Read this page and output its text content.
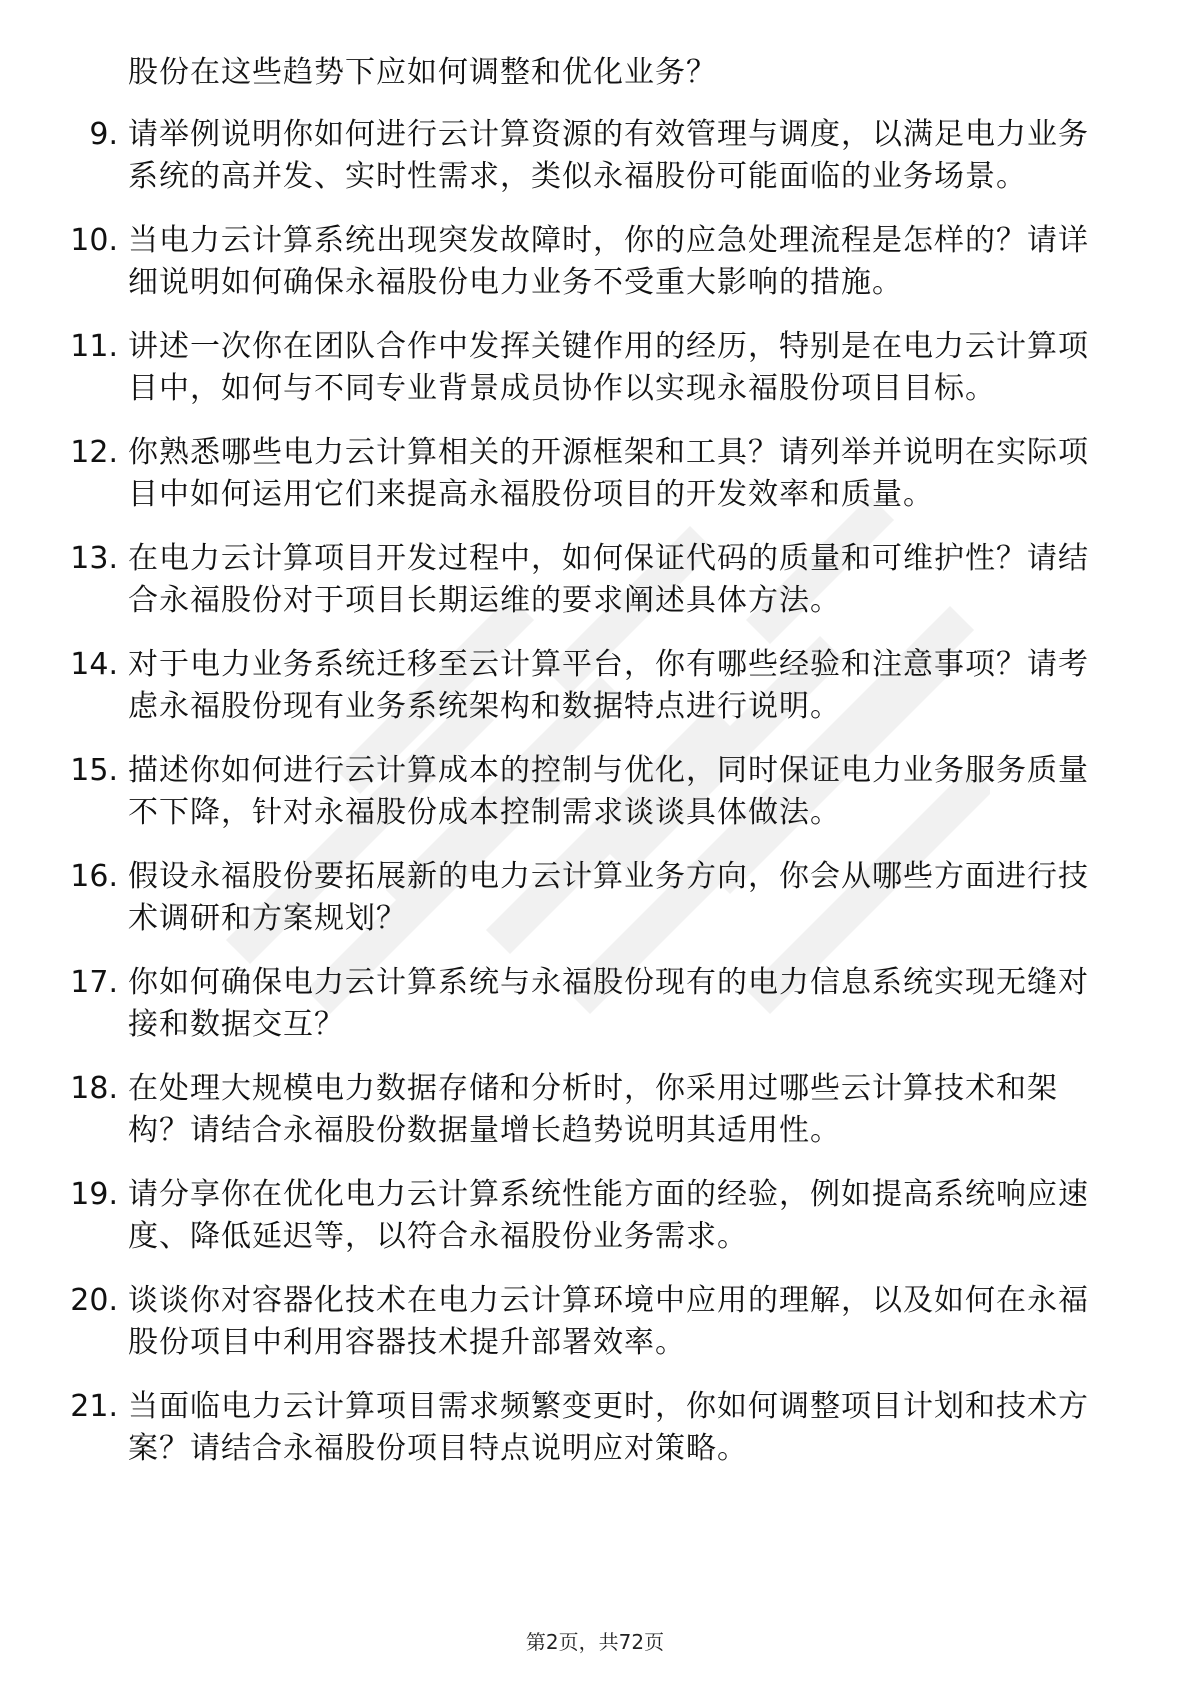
股份在这些趋势下应如何调整和优化业务？

9. 请举例说明你如何进行云计算资源的有效管理与调度，以满足电力业务系统的高并发、实时性需求，类似永福股份可能面临的业务场景。
10. 当电力云计算系统出现突发故障时，你的应急处理流程是怎样的？请详细说明如何确保永福股份电力业务不受重大影响的措施。
11. 讲述一次你在团队合作中发挥关键作用的经历，特别是在电力云计算项目中，如何与不同专业背景成员协作以实现永福股份项目目标。
12. 你熟悉哪些电力云计算相关的开源框架和工具？请列举并说明在实际项目中如何运用它们来提高永福股份项目的开发效率和质量。
13. 在电力云计算项目开发过程中，如何保证代码的质量和可维护性？请结合永福股份对于项目长期运维的要求阐述具体方法。
14. 对于电力业务系统迁移至云计算平台，你有哪些经验和注意事项？请考虑永福股份现有业务系统架构和数据特点进行说明。
15. 描述你如何进行云计算成本的控制与优化，同时保证电力业务服务质量不下降，针对永福股份成本控制需求谈谈具体做法。
16. 假设永福股份要拓展新的电力云计算业务方向，你会从哪些方面进行技术调研和方案规划？
17. 你如何确保电力云计算系统与永福股份现有的电力信息系统实现无缝对接和数据交互？
18. 在处理大规模电力数据存储和分析时，你采用过哪些云计算技术和架构？请结合永福股份数据量增长趋势说明其适用性。
19. 请分享你在优化电力云计算系统性能方面的经验，例如提高系统响应速度、降低延迟等，以符合永福股份业务需求。
20. 谈谈你对容器化技术在电力云计算环境中应用的理解，以及如何在永福股份项目中利用容器技术提升部署效率。
21. 当面临电力云计算项目需求频繁变更时，你如何调整项目计划和技术方案？请结合永福股份项目特点说明应对策略。
第2页，共72页
